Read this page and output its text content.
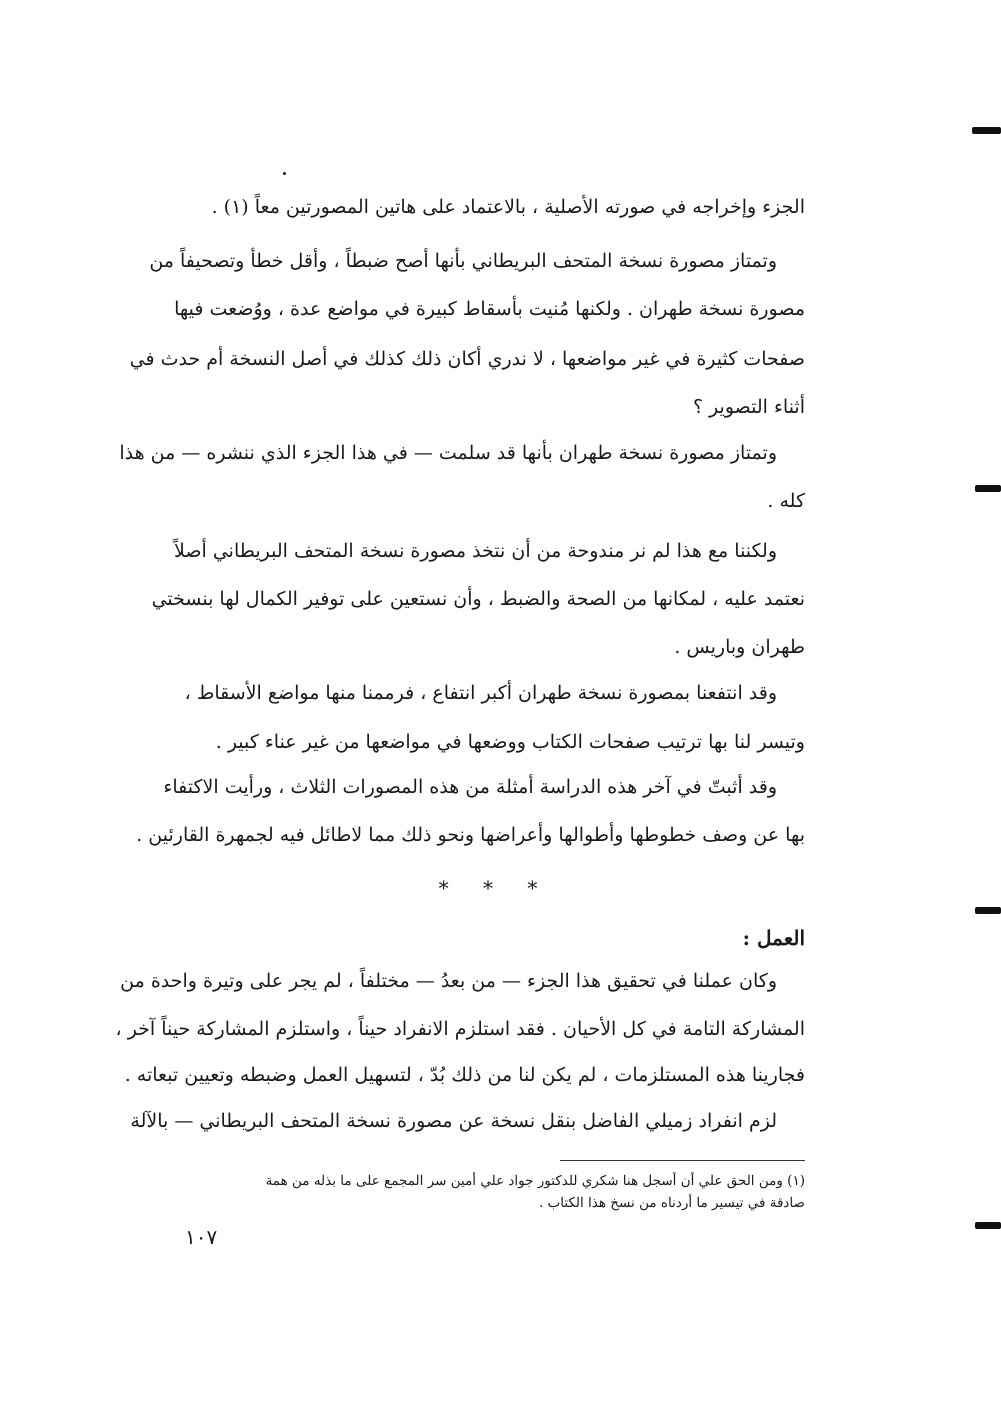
الجزء وإخراجه في صورته الأصلية ، بالاعتماد على هاتين المصورتين معاً (١) .
وتمتاز مصورة نسخة المتحف البريطاني بأنها أصح ضبطاً ، وأقل خطأ وتصحيفاً من
مصورة نسخة طهران . ولكنها مُنيت بأسقاط كبيرة في مواضع عدة ، ووُضعت فيها
صفحات كثيرة في غير مواضعها ، لا ندري أكان ذلك كذلك في أصل النسخة أم حدث في
أثناء التصوير ؟
وتمتاز مصورة نسخة طهران بأنها قد سلمت — في هذا الجزء الذي ننشره — من هذا
كله .
ولكننا مع هذا لم نر مندوحة من أن نتخذ مصورة نسخة المتحف البريطاني أصلاً
نعتمد عليه ، لمكانها من الصحة والضبط ، وأن نستعين على توفير الكمال لها بنسختي
طهران وباريس .
وقد انتفعنا بمصورة نسخة طهران أكبر انتفاع ، فرممنا منها مواضع الأسقاط ،
وتيسر لنا بها ترتيب صفحات الكتاب ووضعها في مواضعها من غير عناء كبير .
وقد أثبتّ في آخر هذه الدراسة أمثلة من هذه المصورات الثلاث ، ورأيت الاكتفاء
بها عن وصف خطوطها وأطوالها وأعراضها ونحو ذلك مما لاطائل فيه لجمهرة القارئين .
* * *
العمل :
وكان عملنا في تحقيق هذا الجزء — من بعدُ — مختلفاً ، لم يجر على وتيرة واحدة من
المشاركة التامة في كل الأحيان . فقد استلزم الانفراد حيناً ، واستلزم المشاركة حيناً آخر ،
فجارينا هذه المستلزمات ، لم يكن لنا من ذلك بُدّ ، لتسهيل العمل وضبطه وتعيين تبعاته .
لزم انفراد زميلي الفاضل بنقل نسخة عن مصورة نسخة المتحف البريطاني — بالآلة
(١) ومن الحق علي أن أسجل هنا شكري للدكتور جواد علي أمين سر المجمع على ما بذله من همة
صادقة في تيسير ما أردناه من نسخ هذا الكتاب .
١٠٧
